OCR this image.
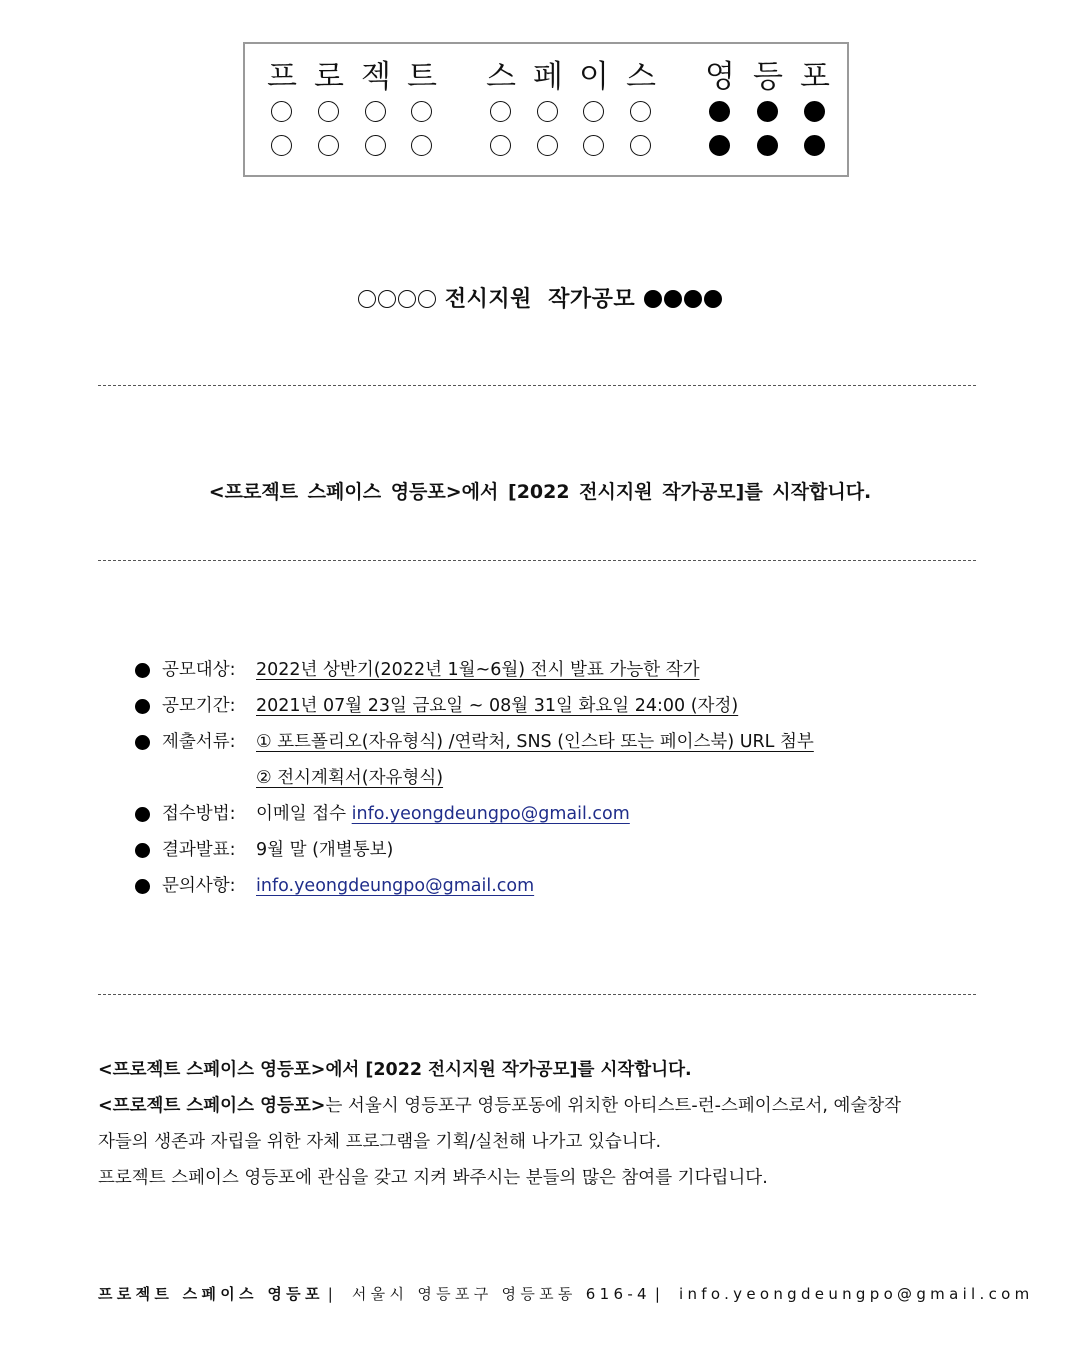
프 로 젝 트 스 페 이 스 영 등 포
전시지원  작가공모
<프로젝트 스페이스 영등포>에서 [2022 전시지원 작가공모]를 시작합니다.
공모대상: 2022년 상반기(2022년 1월~6월) 전시 발표 가능한 작가
공모기간: 2021년 07월 23일 금요일 ~ 08월 31일 화요일 24:00 (자정)
제출서류: ① 포트폴리오(자유형식) /연락처, SNS (인스타 또는 페이스북) URL 첨부
② 전시계획서(자유형식)
접수방법: 이메일 접수 info.yeongdeungpo@gmail.com
결과발표: 9월 말 (개별통보)
문의사항: info.yeongdeungpo@gmail.com
<프로젝트 스페이스 영등포>에서 [2022 전시지원 작가공모]를 시작합니다.
<프로젝트 스페이스 영등포>는 서울시 영등포구 영등포동에 위치한 아티스트-런-스페이스로서, 예술창작
자들의 생존과 자립을 위한 자체 프로그램을 기획/실천해 나가고 있습니다.
프로젝트 스페이스 영등포에 관심을 갖고 지켜 봐주시는 분들의 많은 참여를 기다립니다.
프로젝트 스페이스 영등포 | 서울시 영등포구 영등포동 616-4 | info.yeongdeungpo@gmail.com
